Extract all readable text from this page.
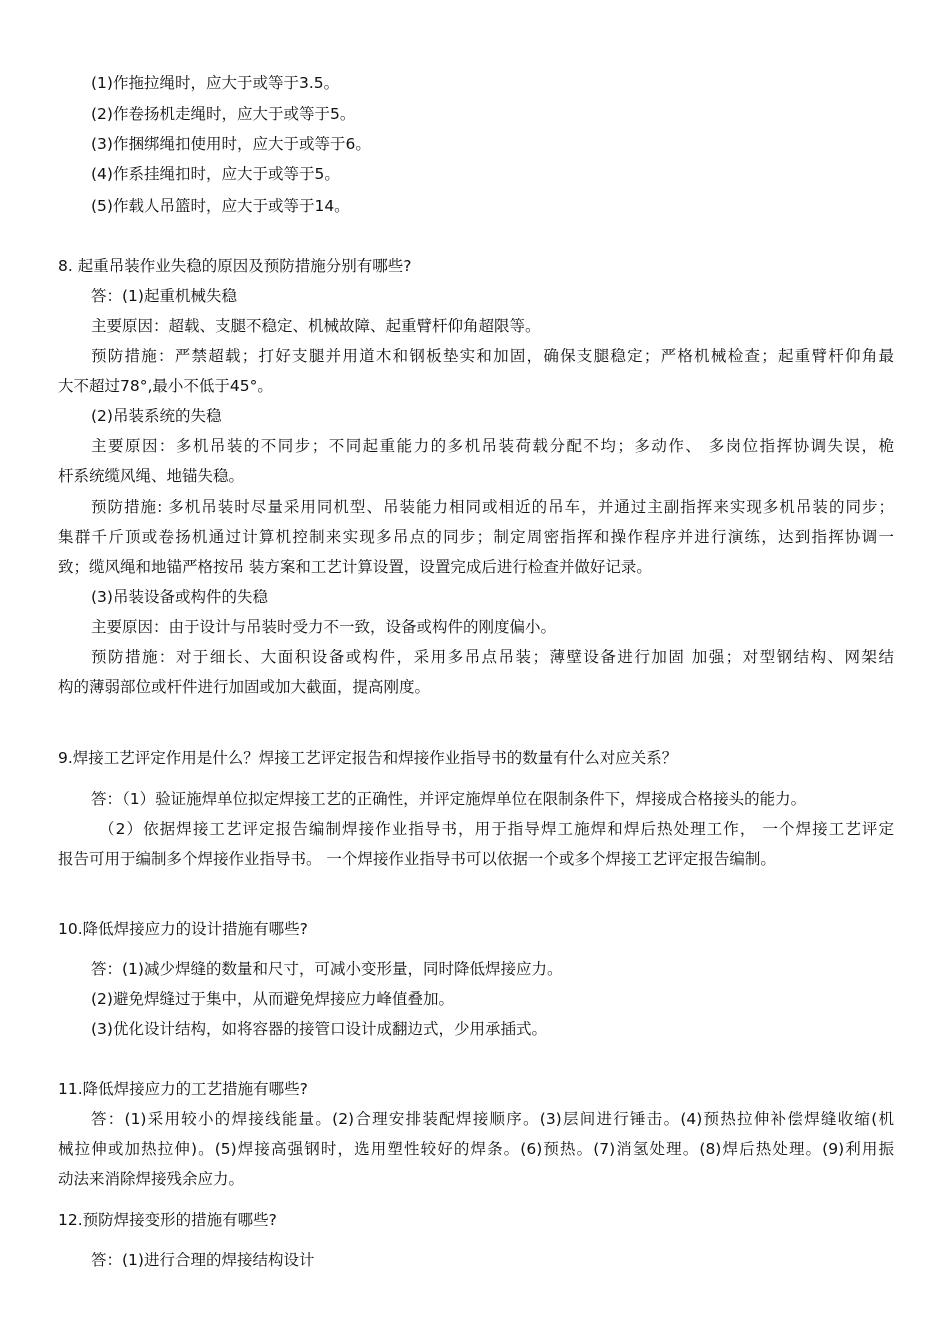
(1)作拖拉绳时，应大于或等于3.5。
(2)作卷扬机走绳时，应大于或等于5。
(3)作捆绑绳扣使用时，应大于或等于6。
(4)作系挂绳扣时，应大于或等于5。
(5)作载人吊篮时，应大于或等于14。
8. 起重吊装作业失稳的原因及预防措施分别有哪些?
答：(1)起重机械失稳
主要原因：超载、支腿不稳定、机械故障、起重臂杆仰角超限等。
预防措施：严禁超载；打好支腿并用道木和钢板垫实和加固，确保支腿稳定；严格机械检查；起重臂杆仰角最
大不超过78°,最小不低于45°。
(2)吊装系统的失稳
主要原因：多机吊装的不同步；不同起重能力的多机吊装荷载分配不均；多动作、 多岗位指挥协调失误，桅
杆系统缆风绳、地锚失稳。
预防措施: 多机吊装时尽量采用同机型、吊装能力相同或相近的吊车，并通过主副指挥来实现多机吊装的同步；
集群千斤顶或卷扬机通过计算机控制来实现多吊点的同步；制定周密指挥和操作程序并进行演练，达到指挥协调一
致；缆风绳和地锚严格按吊 装方案和工艺计算设置，设置完成后进行检查并做好记录。
(3)吊装设备或构件的失稳
主要原因：由于设计与吊装时受力不一致，设备或构件的刚度偏小。
预防措施：对于细长、大面积设备或构件，采用多吊点吊装；薄壁设备进行加固 加强；对型钢结构、网架结
构的薄弱部位或杆件进行加固或加大截面，提高刚度。
9.焊接工艺评定作用是什么？焊接工艺评定报告和焊接作业指导书的数量有什么对应关系？
答：（1）验证施焊单位拟定焊接工艺的正确性，并评定施焊单位在限制条件下，焊接成合格接头的能力。
（2）依据焊接工艺评定报告编制焊接作业指导书，用于指导焊工施焊和焊后热处理工作， 一个焊接工艺评定
报告可用于编制多个焊接作业指导书。 一个焊接作业指导书可以依据一个或多个焊接工艺评定报告编制。
10.降低焊接应力的设计措施有哪些?
答：(1)减少焊缝的数量和尺寸，可减小变形量，同时降低焊接应力。
(2)避免焊缝过于集中，从而避免焊接应力峰值叠加。
(3)优化设计结构，如将容器的接管口设计成翻边式，少用承插式。
11.降低焊接应力的工艺措施有哪些?
答：(1)采用较小的焊接线能量。(2)合理安排装配焊接顺序。(3)层间进行锤击。(4)预热拉伸补偿焊缝收缩(机
械拉伸或加热拉伸)。(5)焊接高强钢时，选用塑性较好的焊条。(6)预热。(7)消氢处理。(8)焊后热处理。(9)利用振
动法来消除焊接残余应力。
12.预防焊接变形的措施有哪些?
答：(1)进行合理的焊接结构设计
